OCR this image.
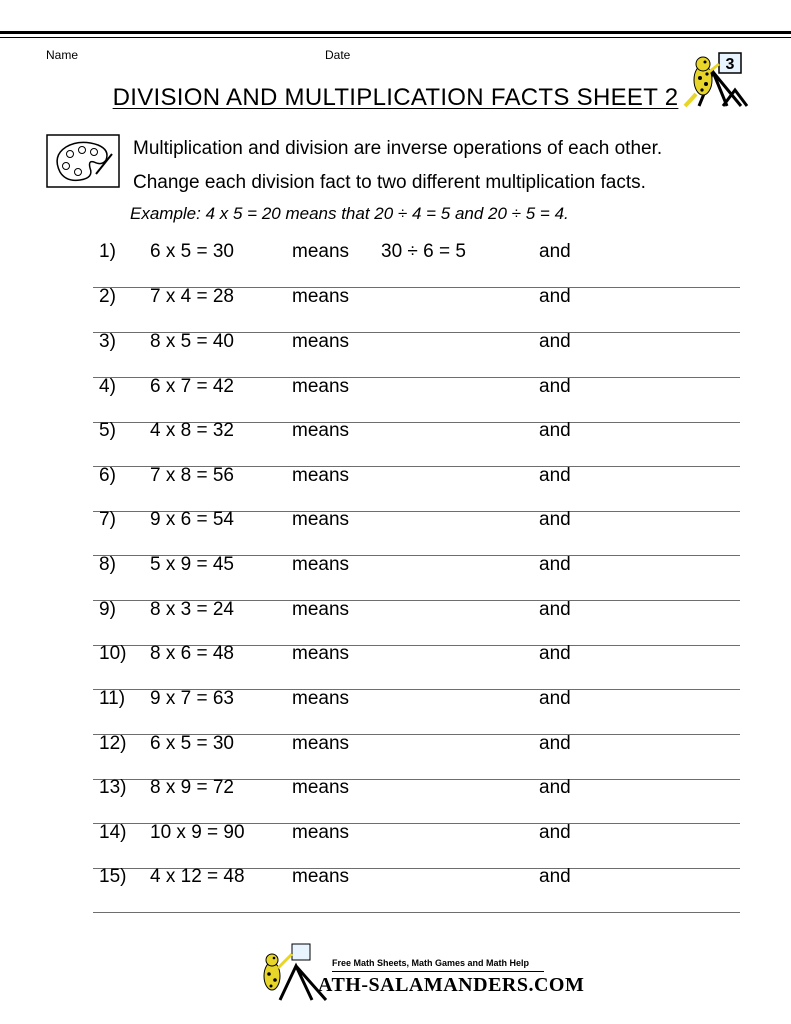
Name	Date
DIVISION AND MULTIPLICATION FACTS SHEET 2
3
Multiplication and division are inverse operations of each other.
Change each division fact to two different multiplication facts.
Example: 4 x 5 = 20 means that 20 ÷ 4 = 5 and 20 ÷ 5 = 4.
1) 6 x 5 = 30	means 30 ÷ 6 = 5	and
2) 7 x 4 = 28	means	and
3) 8 x 5 = 40	means	and
4) 6 x 7 = 42	means	and
5) 4 x 8 = 32	means	and
6) 7 x 8 = 56	means	and
7) 9 x 6 = 54	means	and
8) 5 x 9 = 45	means	and
9) 8 x 3 = 24	means	and
10) 8 x 6 = 48	means	and
11) 9 x 7 = 63	means	and
12) 6 x 5 = 30	means	and
13) 8 x 9 = 72	means	and
14) 10 x 9 = 90 means	and
15) 4 x 12 = 48 means	and
Free Math Sheets, Math Games and Math Help
ATH-SALAMANDERS.COM
